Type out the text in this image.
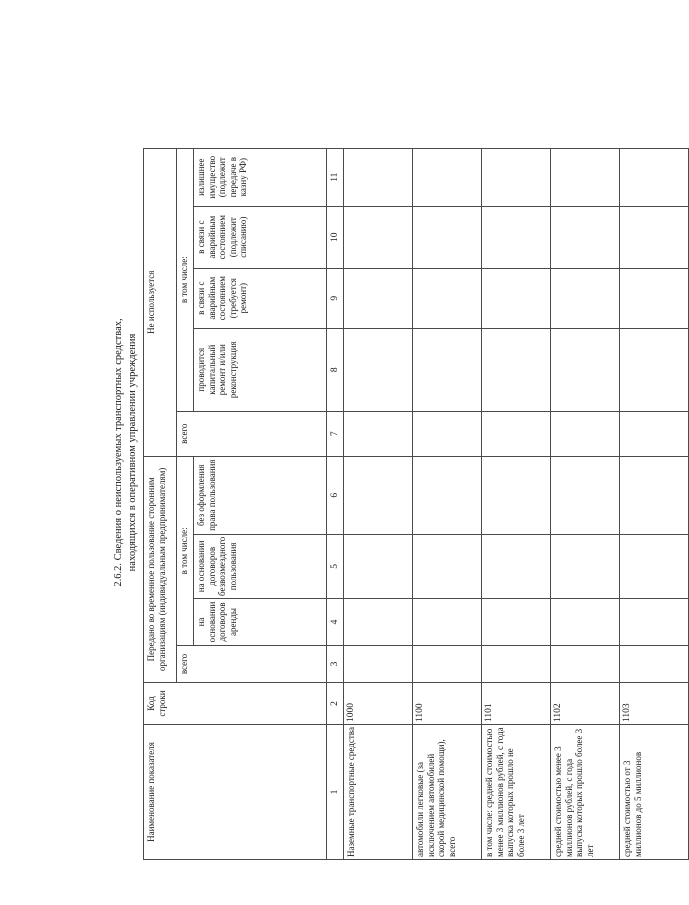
2.6.2. Сведения о неиспользуемых транспортных средствах, находящихся в оперативном управлении учреждения
Наименование показателя	Код строки	Передано во временное пользование сторонним организациям (индивидуальным предпринимателям)				Не используется				
		всего	в том числе:			всего	в том числе:			
			на основании договоров аренды	на основании договоров безвозмездного пользования	без оформления права пользования		проводится капитальный ремонт и/или реконструкция	в связи с аварийным состоянием (требуется ремонт)	в связи с аварийным состоянием (подлежит списанию)	излишнее имущество (подлежит передаче в казну РФ)
1	2	3	4	5	6	7	8	9	10	11
Наземные транспортные средства	1000									
автомобили легковые (за исключением автомобилей скорой медицинской помощи), всего	1100									
в том числе: средней стоимостью менее 3 миллионов рублей, с года выпуска которых прошло не более 3 лет	1101									
средней стоимостью менее 3 миллионов рублей, с года выпуска которых прошло более 3 лет	1102									
средней стоимостью от 3 миллионов до 5 миллионов	1103									
